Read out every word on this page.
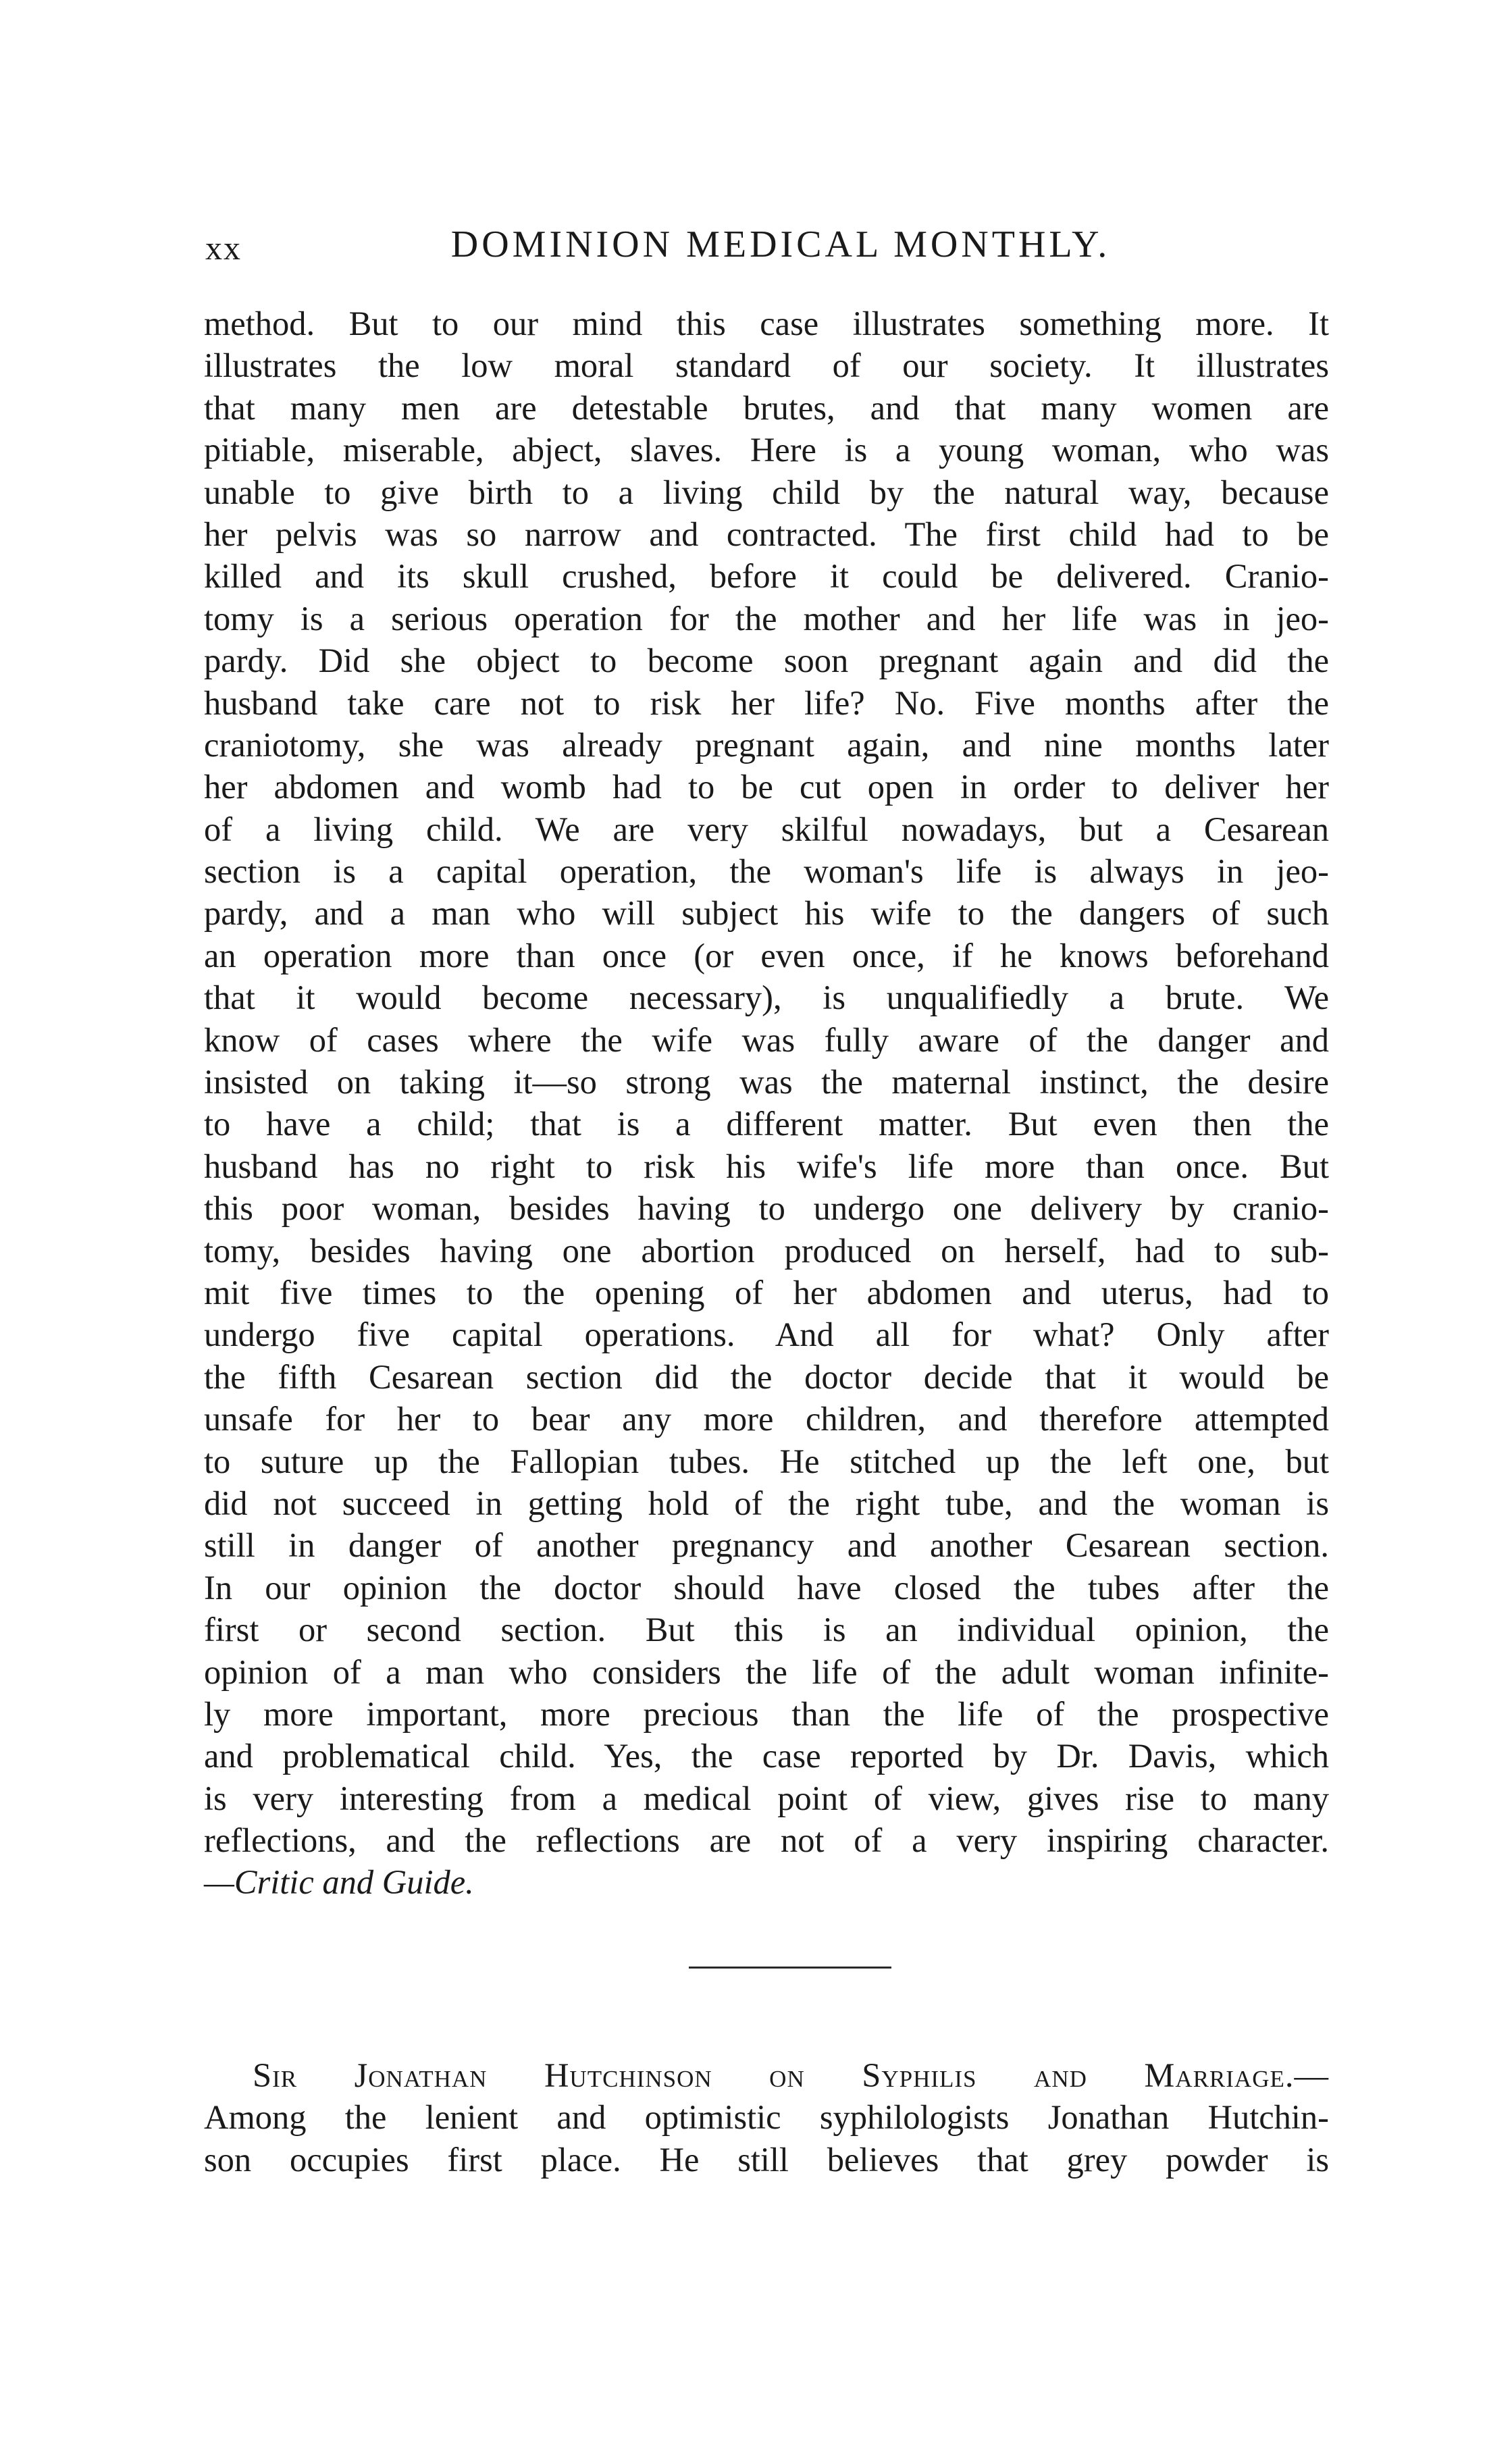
xx	DOMINION MEDICAL MONTHLY.
method. But to our mind this case illustrates something more. It
illustrates the low moral standard of our society. It illustrates
that many men are detestable brutes, and that many women are
pitiable, miserable, abject, slaves. Here is a young woman, who was
unable to give birth to a living child by the natural way, because
her pelvis was so narrow and contracted. The first child had to be
killed and its skull crushed, before it could be delivered. Cranio-
tomy is a serious operation for the mother and her life was in jeo-
pardy. Did she object to become soon pregnant again and did the
husband take care not to risk her life? No. Five months after the
craniotomy, she was already pregnant again, and nine months later
her abdomen and womb had to be cut open in order to deliver her
of a living child. We are very skilful nowadays, but a Cesarean
section is a capital operation, the woman's life is always in jeo-
pardy, and a man who will subject his wife to the dangers of such
an operation more than once (or even once, if he knows beforehand
that it would become necessary), is unqualifiedly a brute. We
know of cases where the wife was fully aware of the danger and
insisted on taking it—so strong was the maternal instinct, the desire
to have a child; that is a different matter. But even then the
husband has no right to risk his wife's life more than once. But
this poor woman, besides having to undergo one delivery by cranio-
tomy, besides having one abortion produced on herself, had to sub-
mit five times to the opening of her abdomen and uterus, had to
undergo five capital operations. And all for what? Only after
the fifth Cesarean section did the doctor decide that it would be
unsafe for her to bear any more children, and therefore attempted
to suture up the Fallopian tubes. He stitched up the left one, but
did not succeed in getting hold of the right tube, and the woman is
still in danger of another pregnancy and another Cesarean section.
In our opinion the doctor should have closed the tubes after the
first or second section. But this is an individual opinion, the
opinion of a man who considers the life of the adult woman infinite-
ly more important, more precious than the life of the prospective
and problematical child. Yes, the case reported by Dr. Davis, which
is very interesting from a medical point of view, gives rise to many
reflections, and the reflections are not of a very inspiring character.
—Critic and Guide.
Sir Jonathan Hutchinson on Syphilis and Marriage.—
Among the lenient and optimistic syphilologists Jonathan Hutchin-
son occupies first place. He still believes that grey powder is
